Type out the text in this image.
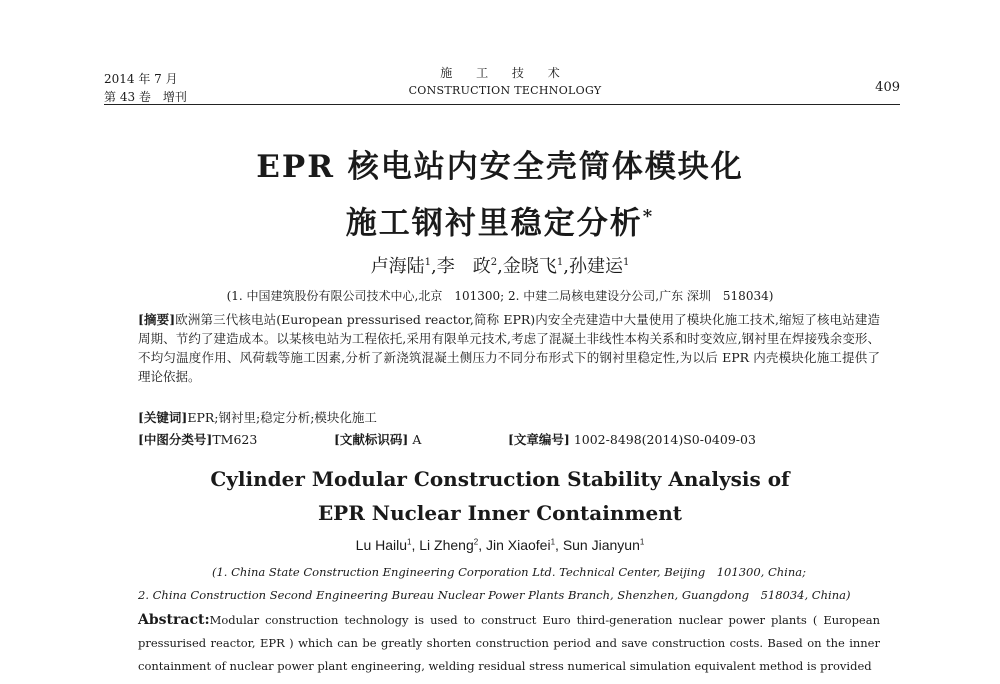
2014 年 7 月
第 43 卷　增刊
施 工 技 术
CONSTRUCTION TECHNOLOGY	409
EPR 核电站内安全壳筒体模块化
施工钢衬里稳定分析*
卢海陆$^1$,李　政$^2$,金晓飞$^1$,孙建运$^1$
(1. 中国建筑股份有限公司技术中心,北京　101300; 2. 中建二局核电建设分公司,广东 深圳　518034)
[摘要]欧洲第三代核电站(European pressurised reactor,简称 EPR)内安全壳建造中大量使用了模块化施工技术,缩短了核电站建造周期、节约了建造成本。以某核电站为工程依托,采用有限单元技术,考虑了混凝土非线性本构关系和时变效应,钢衬里在焊接残余变形、不均匀温度作用、风荷载等施工因素,分析了新浇筑混凝土侧压力不同分布形式下的钢衬里稳定性,为以后 EPR 内壳模块化施工提供了理论依据。
[关键词]EPR;钢衬里;稳定分析;模块化施工
[中图分类号]TM623	[文献标识码] A	[文章编号] 1002-8498(2014)S0-0409-03
Cylinder Modular Construction Stability Analysis of
EPR Nuclear Inner Containment
Lu Hailu$^1$, Li Zheng$^2$, Jin Xiaofei$^1$, Sun Jianyun$^1$
(1. China State Construction Engineering Corporation Ltd. Technical Center, Beijing　101300, China;
2. China Construction Second Engineering Bureau Nuclear Power Plants Branch, Shenzhen, Guangdong　518034, China)
Abstract:Modular construction technology is used to construct Euro third-generation nuclear power plants ( European pressurised reactor, EPR ) which can be greatly shorten construction period and save construction costs. Based on the inner containment of nuclear power plant engineering, welding residual stress numerical simulation equivalent method is provided
